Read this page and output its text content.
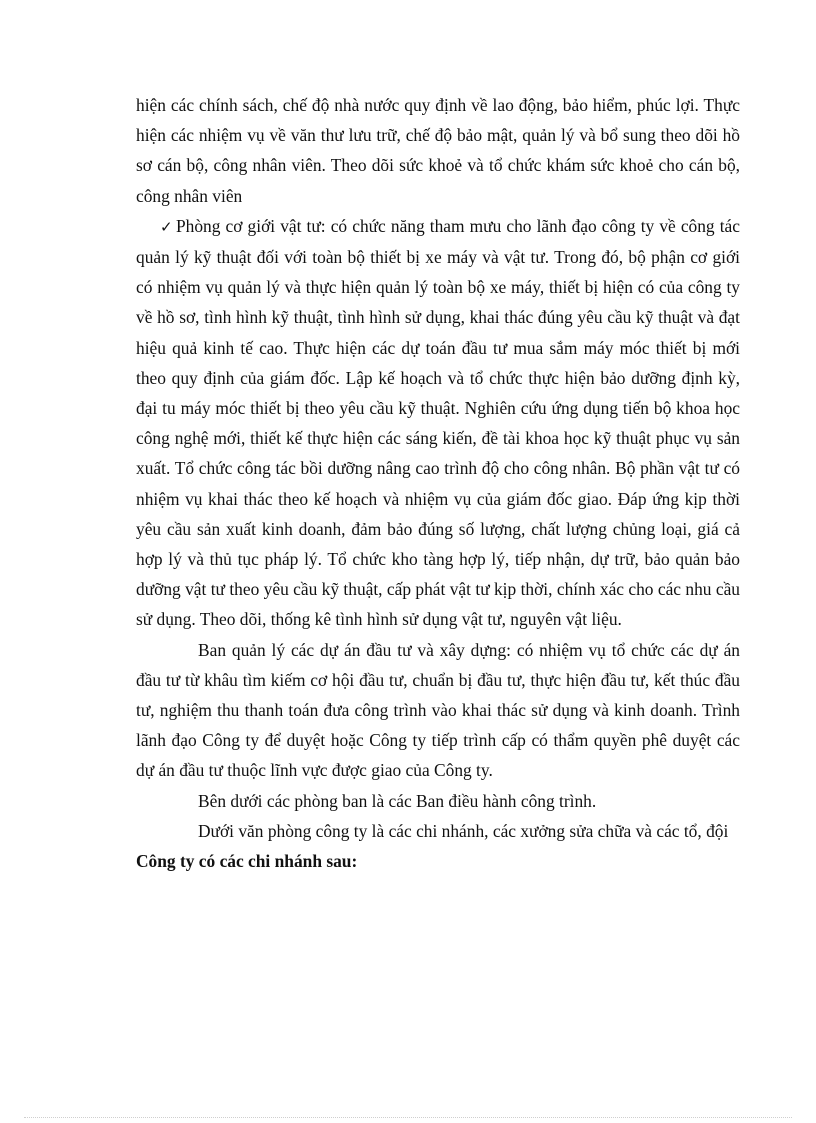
hiện các chính sách, chế độ nhà nước quy định về lao động, bảo hiểm, phúc lợi. Thực hiện các nhiệm vụ về văn thư lưu trữ, chế độ bảo mật, quản lý và bổ sung theo dõi hồ sơ cán bộ, công nhân viên. Theo dõi sức khoẻ và tổ chức khám sức khoẻ cho cán bộ, công nhân viên

✓ Phòng cơ giới vật tư: có chức năng tham mưu cho lãnh đạo công ty về công tác quản lý kỹ thuật đối với toàn bộ thiết bị xe máy và vật tư. Trong đó, bộ phận cơ giới có nhiệm vụ quản lý và thực hiện quản lý toàn bộ xe máy, thiết bị hiện có của công ty về hồ sơ, tình hình kỹ thuật, tình hình sử dụng, khai thác đúng yêu cầu kỹ thuật và đạt hiệu quả kinh tế cao. Thực hiện các dự toán đầu tư mua sắm máy móc thiết bị mới theo quy định của giám đốc. Lập kế hoạch và tổ chức thực hiện bảo dưỡng định kỳ, đại tu máy móc thiết bị theo yêu cầu kỹ thuật. Nghiên cứu ứng dụng tiến bộ khoa học công nghệ mới, thiết kế thực hiện các sáng kiến, đề tài khoa học kỹ thuật phục vụ sản xuất. Tổ chức công tác bồi dưỡng nâng cao trình độ cho công nhân. Bộ phần vật tư có nhiệm vụ khai thác theo kế hoạch và nhiệm vụ của giám đốc giao. Đáp ứng kịp thời yêu cầu sản xuất kinh doanh, đảm bảo đúng số lượng, chất lượng chủng loại, giá cả hợp lý và thủ tục pháp lý. Tổ chức kho tàng hợp lý, tiếp nhận, dự trữ, bảo quản bảo dưỡng vật tư theo yêu cầu kỹ thuật, cấp phát vật tư kịp thời, chính xác cho các nhu cầu sử dụng. Theo dõi, thống kê tình hình sử dụng vật tư, nguyên vật liệu.

Ban quản lý các dự án đầu tư và xây dựng: có nhiệm vụ tổ chức các dự án đầu tư từ khâu tìm kiếm cơ hội đầu tư, chuẩn bị đầu tư, thực hiện đầu tư, kết thúc đầu tư, nghiệm thu thanh toán đưa công trình vào khai thác sử dụng và kinh doanh. Trình lãnh đạo Công ty để duyệt hoặc Công ty tiếp trình cấp có thẩm quyền phê duyệt các dự án đầu tư thuộc lĩnh vực được giao của Công ty.

Bên dưới các phòng ban là các Ban điều hành công trình.

Dưới văn phòng công ty là các chi nhánh, các xưởng sửa chữa và các tổ, đội

Công ty có các chi nhánh sau:
